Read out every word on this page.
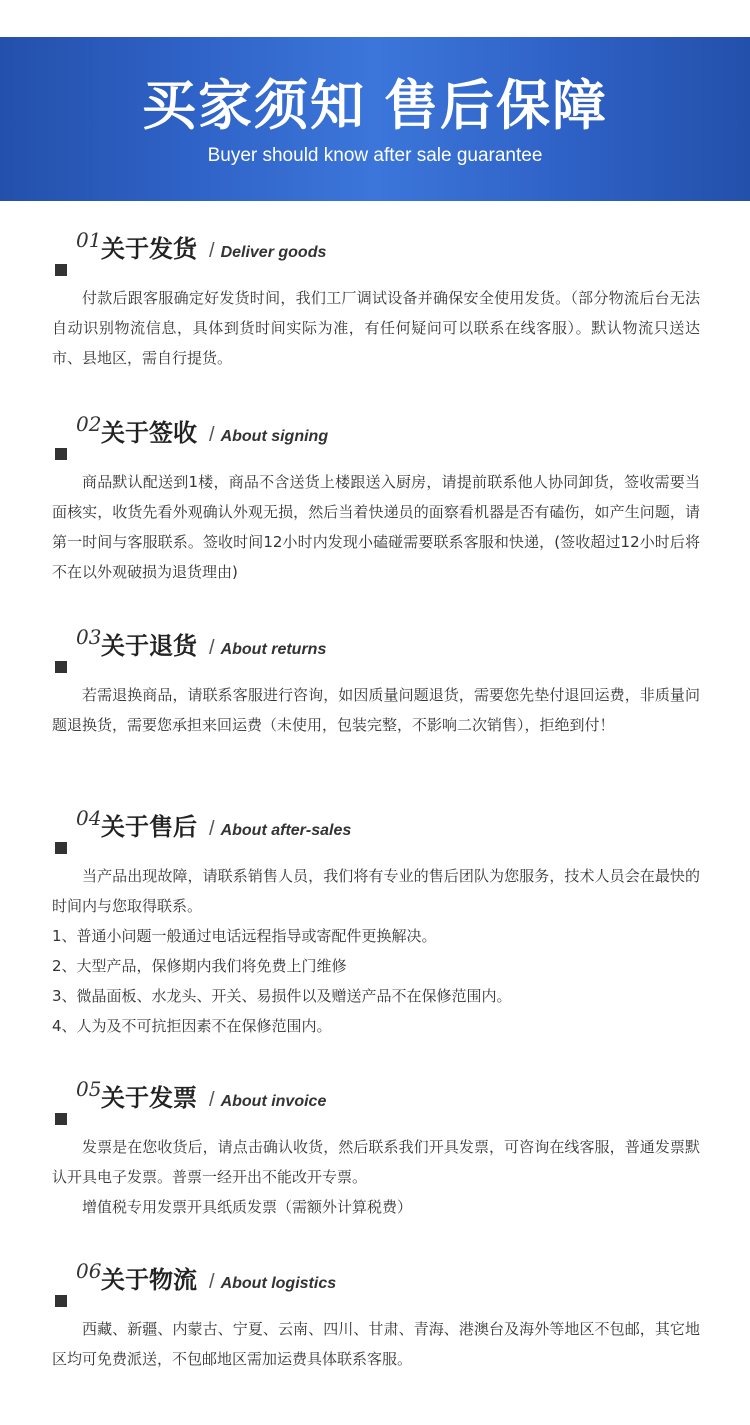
买家须知 售后保障
Buyer should know after sale guarantee
01 关于发货 / Deliver goods

付款后跟客服确定好发货时间，我们工厂调试设备并确保安全使用发货。（部分物流后台无法自动识别物流信息，具体到货时间实际为准，有任何疑问可以联系在线客服）。默认物流只送达市、县地区，需自行提货。

02 关于签收 / About signing

商品默认配送到1楼，商品不含送货上楼跟送入厨房，请提前联系他人协同卸货，签收需要当面核实，收货先看外观确认外观无损，然后当着快递员的面察看机器是否有磕伤，如产生问题，请第一时间与客服联系。签收时间12小时内发现小磕碰需要联系客服和快递，(签收超过12小时后将不在以外观破损为退货理由)

03 关于退货 / About returns

若需退换商品，请联系客服进行咨询，如因质量问题退货，需要您先垫付退回运费，非质量问题退换货，需要您承担来回运费（未使用，包装完整，不影响二次销售），拒绝到付！

04 关于售后 / About after-sales

当产品出现故障，请联系销售人员，我们将有专业的售后团队为您服务，技术人员会在最快的时间内与您取得联系。

1、普通小问题一般通过电话远程指导或寄配件更换解决。

2、大型产品，保修期内我们将免费上门维修

3、微晶面板、水龙头、开关、易损件以及赠送产品不在保修范围内。

4、人为及不可抗拒因素不在保修范围内。

05 关于发票 / About invoice

发票是在您收货后，请点击确认收货，然后联系我们开具发票，可咨询在线客服，普通发票默认开具电子发票。普票一经开出不能改开专票。

增值税专用发票开具纸质发票（需额外计算税费）

06 关于物流 / About logistics

西藏、新疆、内蒙古、宁夏、云南、四川、甘肃、青海、港澳台及海外等地区不包邮，其它地区均可免费派送，不包邮地区需加运费具体联系客服。
